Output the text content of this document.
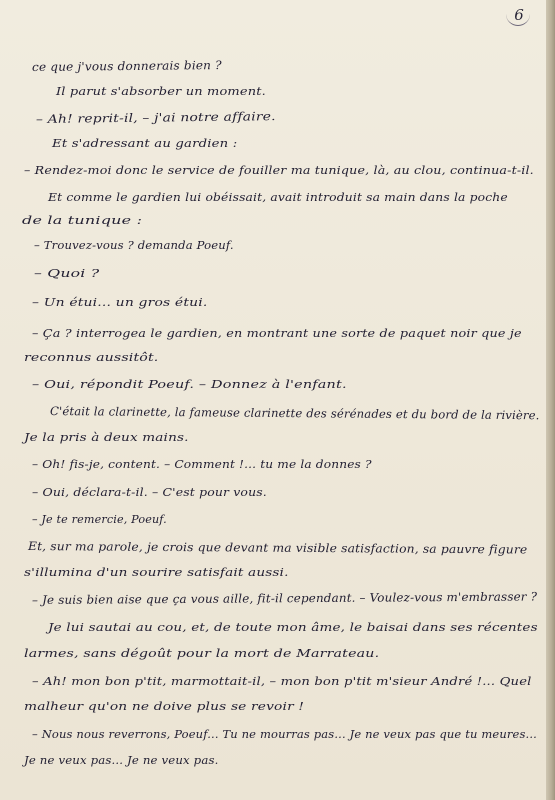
6
ce que j'vous donnerais bien ?
Il parut s'absorber un moment.
– Ah! reprit-il, – j'ai notre affaire.
Et s'adressant au gardien :
– Rendez-moi donc le service de fouiller ma tunique, là, au clou, continua-t-il.
Et comme le gardien lui obéissait, avait introduit sa main dans la poche
de la tunique :
– Trouvez-vous ? demanda Poeuf.
– Quoi ?
– Un étui... un gros étui.
– Ça ? interrogea le gardien, en montrant une sorte de paquet noir que je
reconnus aussitôt.
– Oui, répondit Poeuf. – Donnez à l'enfant.
C'était la clarinette, la fameuse clarinette des sérénades et du bord de la rivière.
Je la pris à deux mains.
– Oh! fis-je, content. – Comment !... tu me la donnes ?
– Oui, déclara-t-il. – C'est pour vous.
– Je te remercie, Poeuf.
Et, sur ma parole, je crois que devant ma visible satisfaction, sa pauvre figure
s'illumina d'un sourire satisfait aussi.
– Je suis bien aise que ça vous aille, fit-il cependant. – Voulez-vous m'embrasser ?
Je lui sautai au cou, et, de toute mon âme, le baisai dans ses récentes
larmes, sans dégoût pour la mort de Marrateau.
– Ah! mon bon p'tit, marmottait-il, – mon bon p'tit m'sieur André !... Quel
malheur qu'on ne doive plus se revoir !
– Nous nous reverrons, Poeuf... Tu ne mourras pas... Je ne veux pas que tu meures...
Je ne veux pas... Je ne veux pas.
